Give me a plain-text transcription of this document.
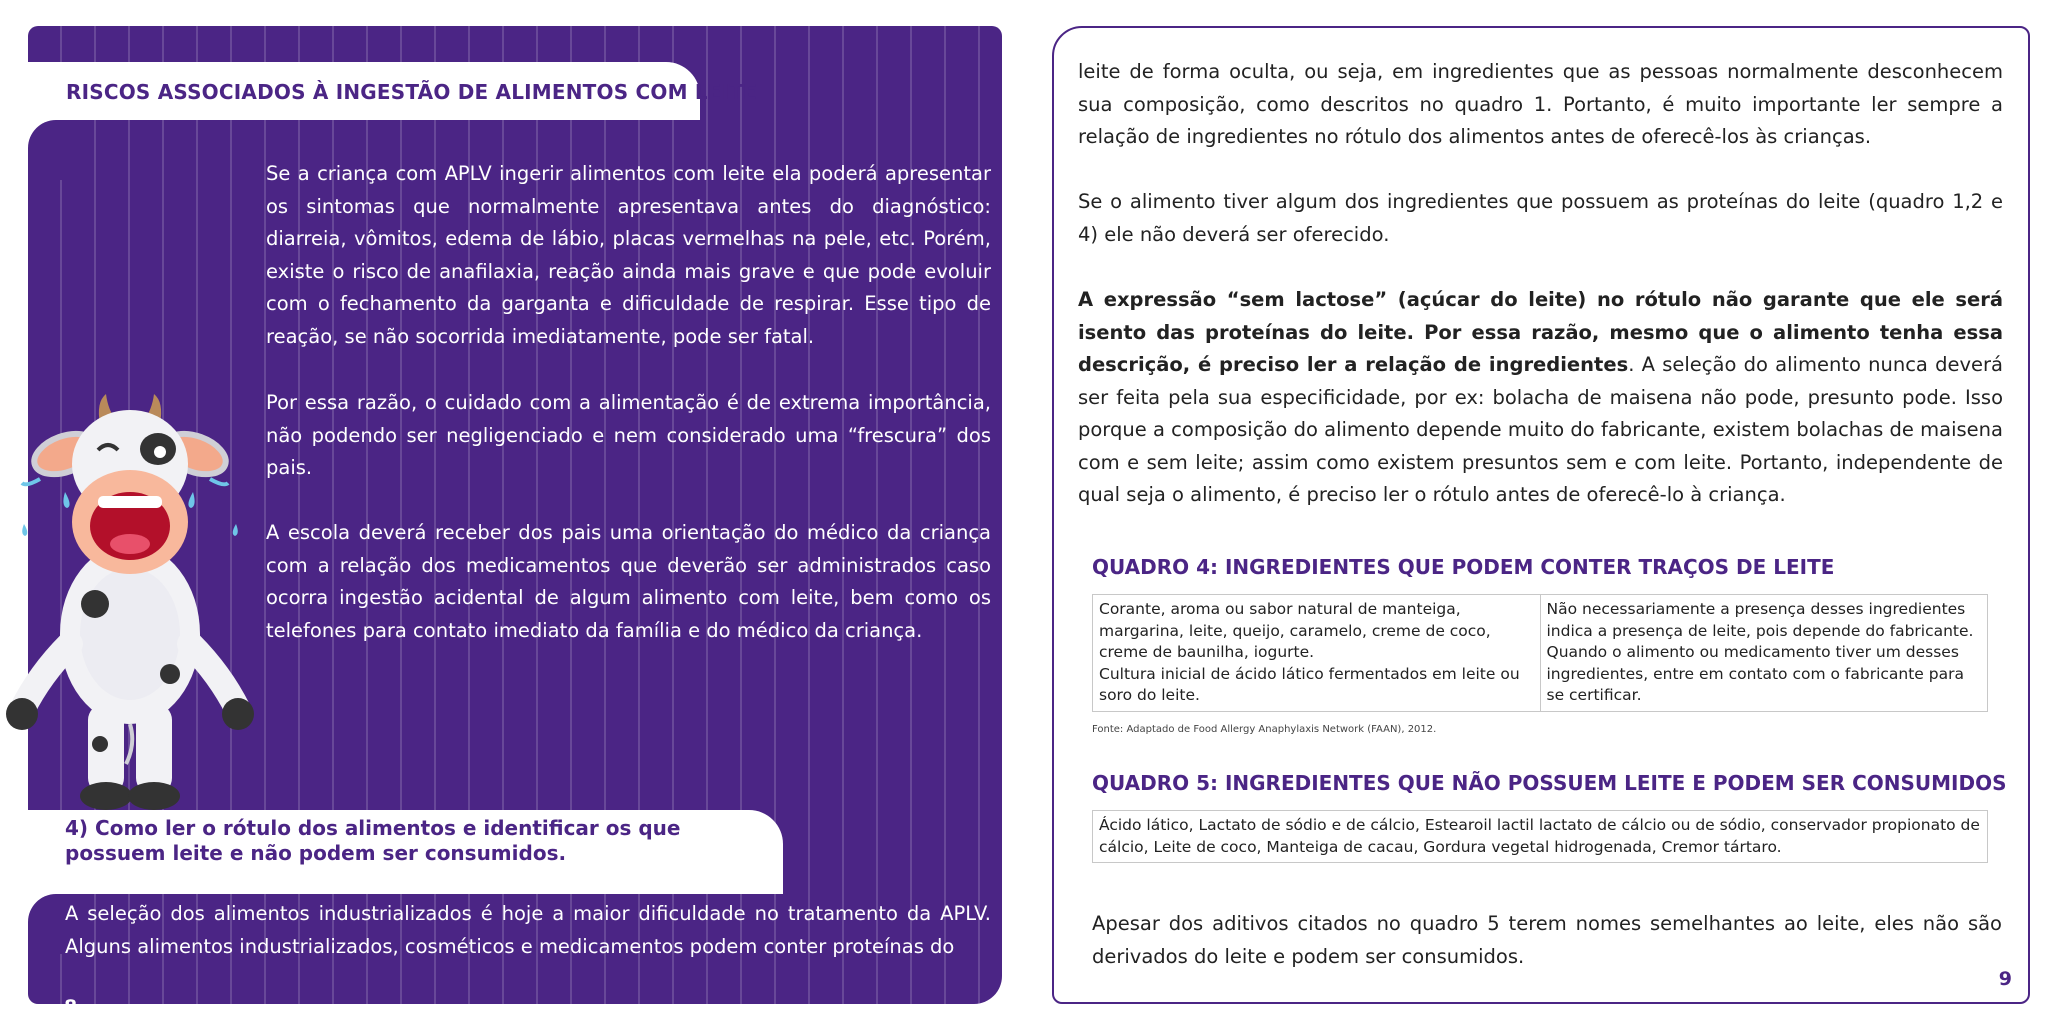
RISCOS ASSOCIADOS À INGESTÃO DE ALIMENTOS COM LEITE

Se a criança com APLV ingerir alimentos com leite ela poderá apresentar os sintomas que normalmente apresentava antes do diagnóstico: diarreia, vômitos, edema de lábio, placas vermelhas na pele, etc. Porém, existe o risco de anafilaxia, reação ainda mais grave e que pode evoluir com o fechamento da garganta e dificuldade de respirar. Esse tipo de reação, se não socorrida imediatamente, pode ser fatal.

Por essa razão, o cuidado com a alimentação é de extrema importância, não podendo ser negligenciado e nem considerado uma “frescura” dos pais.

A escola deverá receber dos pais uma orientação do médico da criança com a relação dos medicamentos que deverão ser administrados caso ocorra ingestão acidental de algum alimento com leite, bem como os telefones para contato imediato da família e do médico da criança.

4) Como ler o rótulo dos alimentos e identificar os que possuem leite e não podem ser consumidos.

A seleção dos alimentos industrializados é hoje a maior dificuldade no tratamento da APLV. Alguns alimentos industrializados, cosméticos e medicamentos podem conter proteínas do

8

leite de forma oculta, ou seja, em ingredientes que as pessoas normalmente desconhecem sua composição, como descritos no quadro 1. Portanto, é muito importante ler sempre a relação de ingredientes no rótulo dos alimentos antes de oferecê-los às crianças.

Se o alimento tiver algum dos ingredientes que possuem as proteínas do leite (quadro 1,2 e 4) ele não deverá ser oferecido.

A expressão “sem lactose” (açúcar do leite) no rótulo não garante que ele será isento das proteínas do leite. Por essa razão, mesmo que o alimento tenha essa descrição, é preciso ler a relação de ingredientes. A seleção do alimento nunca deverá ser feita pela sua especificidade, por ex: bolacha de maisena não pode, presunto pode. Isso porque a composição do alimento depende muito do fabricante, existem bolachas de maisena com e sem leite; assim como existem presuntos sem e com leite. Portanto, independente de qual seja o alimento, é preciso ler o rótulo antes de oferecê-lo à criança.

QUADRO 4: INGREDIENTES QUE PODEM CONTER TRAÇOS DE LEITE
Corante, aroma ou sabor natural de manteiga, margarina, leite, queijo, caramelo, creme de coco, creme de baunilha, iogurte.
Cultura inicial de ácido lático fermentados em leite ou soro do leite.
	Não necessariamente a presença desses ingredientes indica a presença de leite, pois depende do fabricante. Quando o alimento ou medicamento tiver um desses ingredientes, entre em contato com o fabricante para se certificar.
Fonte: Adaptado de Food Allergy Anaphylaxis Network (FAAN), 2012.
QUADRO 5: INGREDIENTES QUE NÃO POSSUEM LEITE E PODEM SER CONSUMIDOS
Ácido lático, Lactato de sódio e de cálcio, Estearoil lactil lactato de cálcio ou de sódio, conservador propionato de cálcio, Leite de coco, Manteiga de cacau, Gordura vegetal hidrogenada, Cremor tártaro.

Apesar dos aditivos citados no quadro 5 terem nomes semelhantes ao leite, eles não são derivados do leite e podem ser consumidos.

9
